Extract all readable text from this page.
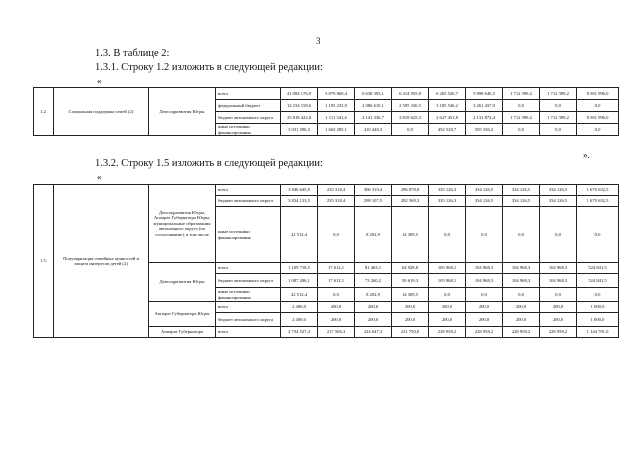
3
1.3. В таблице 2:
1.3.1. Строку 1.2 изложить в следующей редакции:
«
1.2.	Социальная поддержка семей (2)	Депсоцразвития Югры	всего	41 084 176,9	3 879 860,4	6 638 393,1	6 414 955,8	6 265 526,7	5 898 646,5	1 712 399,2	1 712 399,2	8 561 996,0
			федеральный бюджет	12 234 158,6	1 105 233,9	2 086 610,1	2 595 330,5	3 185 546,2	3 261 437,9	0,0	0,0	0,0
			бюджет автономного округа	25 818 422,0	1 111 341,4	4 141 336,7	3 819 625,3	2 627 451,8	2 131 872,4	1 712 399,2	1 712 399,2	8 561 996,0
			иные источники финансирования	3 031 596,3	1 663 285,1	410 446,3	0,0	452 528,7	505 336,2	0,0	0,0	0,0
».
1.3.2. Строку 1.5 изложить в следующей редакции:
«
1.5.	Популяризация семейных ценностей и защита интересов детей (2)	Депсоцразвития Югры, Аппарат Губернатора Югры, муниципальные образования автономного округа (по согласованию), в том числе	всего	3 846 645,9	235 318,4	306 310,4	296 878,8	335 126,3	334 126,5	334 126,5	334 126,5	1 670 632,5
			бюджет автономного округа	3 824 133,5	235 318,4	298 107,5	282 569,3	335 126,3	334 126,5	334 126,5	334 126,5	1 670 632,5
			иные источники финансирования	22 512,4	0,0	8 202,9	14 309,5	0,0	0,0	0,0	0,0	0,0
		Депсоцразвития Югры	всего	1 109 718,5	17 612,1	81 463,1	64 928,8	105 968,1	104 968,3	104 968,3	104 968,3	524 841,5
			бюджет автономного округа	1 087 206,1	17 612,1	73 260,2	50 619,3	105 968,1	104 968,3	104 968,3	104 968,3	524 841,5
			иные источники финансирования	22 512,4	0,0	8 202,9	14 309,5	0,0	0,0	0,0	0,0	0,0
		Аппарат Губернатора Югры	всего	2 400,0	200,0	200,0	200,0	200,0	200,0	200,0	200,0	1 000,0
			бюджет автономного округа	2 400,0	200,0	200,0	200,0	200,0	200,0	200,0	200,0	1 000,0
		Аппарат Губернатора	всего	2 734 527,4	217 506,3	224 647,3	231 750,0	228 958,2	228 958,2	228 958,2	228 958,2	1 144 791,0
